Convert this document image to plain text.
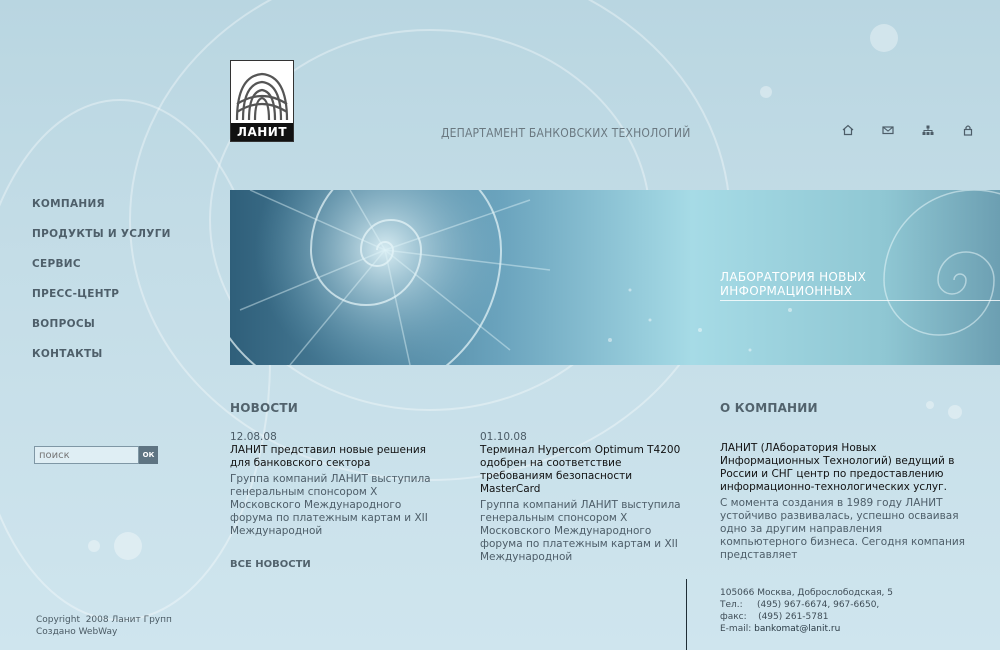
ЛАНИТ	ДЕПАРТАМЕНТ БАНКОВСКИХ ТЕХНОЛОГИЙ
КОМПАНИЯ
ПРОДУКТЫ И УСЛУГИ
СЕРВИС
ПРЕСС-ЦЕНТР
ВОПРОСЫ
КОНТАКТЫ
ЛАБОРАТОРИЯ НОВЫХ ИНФОРМАЦИОННЫХ
поиск
ОК
НОВОСТИ
12.08.08
ЛАНИТ представил новые решения для банковского сектора
Группа компаний ЛАНИТ выступила генеральным спонсором X Московского Международного форума по платежным картам и XII Международной
01.10.08
Терминал Hypercom Optimum T4200 одобрен на соответствие требованиям безопасности MasterCard
Группа компаний ЛАНИТ выступила генеральным спонсором X Московского Международного форума по платежным картам и XII Международной
ВСЕ НОВОСТИ
О КОМПАНИИ
ЛАНИТ (ЛАборатория Новых Информационных Технологий) ведущий в России и СНГ центр по предоставлению информационно-технологических услуг.
С момента создания в 1989 году ЛАНИТ устойчиво развивалась, успешно осваивая одно за другим направления компьютерного бизнеса. Сегодня компания представляет
105066 Москва, Доброслободская, 5
Тел.:     (495) 967-6674, 967-6650,
факс:    (495) 261-5781
E-mail: bankomat@lanit.ru
Copyright  2008 Ланит Групп
Создано WebWay
